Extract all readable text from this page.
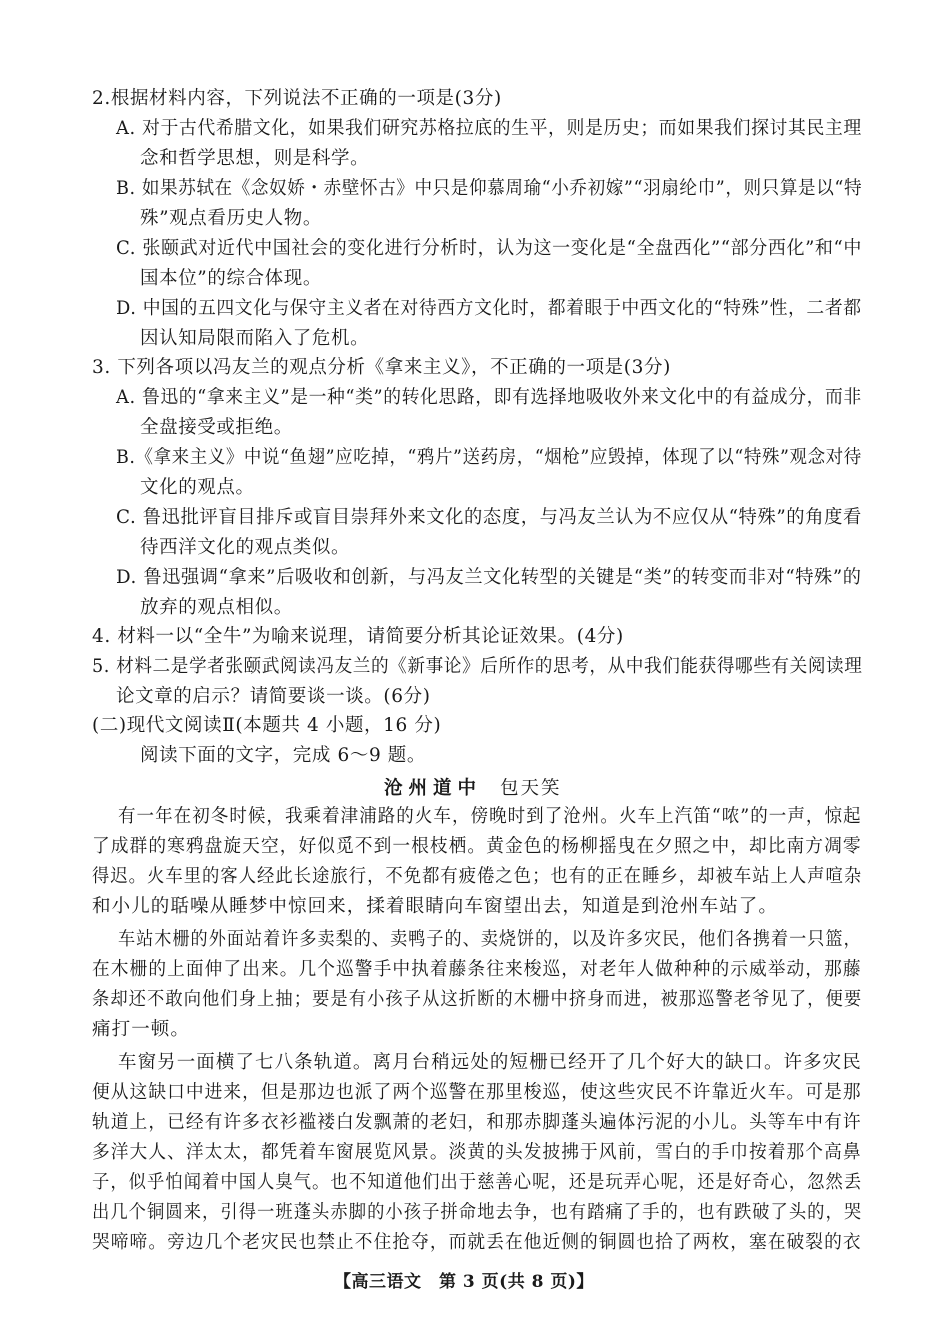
2.根据材料内容，下列说法不正确的一项是(3分)
A. 对于古代希腊文化，如果我们研究苏格拉底的生平，则是历史；而如果我们探讨其民主理
念和哲学思想，则是科学。
B. 如果苏轼在《念奴娇・赤壁怀古》中只是仰慕周瑜“小乔初嫁”“羽扇纶巾”，则只算是以“特
殊”观点看历史人物。
C. 张颐武对近代中国社会的变化进行分析时，认为这一变化是“全盘西化”“部分西化”和“中
国本位”的综合体现。
D. 中国的五四文化与保守主义者在对待西方文化时，都着眼于中西文化的“特殊”性，二者都
因认知局限而陷入了危机。
3. 下列各项以冯友兰的观点分析《拿来主义》，不正确的一项是(3分)
A. 鲁迅的“拿来主义”是一种“类”的转化思路，即有选择地吸收外来文化中的有益成分，而非
全盘接受或拒绝。
B.《拿来主义》中说“鱼翅”应吃掉，“鸦片”送药房，“烟枪”应毁掉，体现了以“特殊”观念对待
文化的观点。
C. 鲁迅批评盲目排斥或盲目崇拜外来文化的态度，与冯友兰认为不应仅从“特殊”的角度看
待西洋文化的观点类似。
D. 鲁迅强调“拿来”后吸收和创新，与冯友兰文化转型的关键是“类”的转变而非对“特殊”的
放弃的观点相似。
4. 材料一以“全牛”为喻来说理，请简要分析其论证效果。(4分)
5. 材料二是学者张颐武阅读冯友兰的《新事论》后所作的思考，从中我们能获得哪些有关阅读理
论文章的启示？请简要谈一谈。(6分)
(二)现代文阅读Ⅱ(本题共 4 小题，16 分)
阅读下面的文字，完成 6～9 题。
沧州道中 包天笑
有一年在初冬时候，我乘着津浦路的火车，傍晚时到了沧州。火车上汽笛“哝”的一声，惊起
了成群的寒鸦盘旋天空，好似觅不到一根枝栖。黄金色的杨柳摇曳在夕照之中，却比南方凋零
得迟。火车里的客人经此长途旅行，不免都有疲倦之色；也有的正在睡乡，却被车站上人声喧杂
和小儿的聒噪从睡梦中惊回来，揉着眼睛向车窗望出去，知道是到沧州车站了。
车站木栅的外面站着许多卖梨的、卖鸭子的、卖烧饼的，以及许多灾民，他们各携着一只篮，
在木栅的上面伸了出来。几个巡警手中执着藤条往来梭巡，对老年人做种种的示威举动，那藤
条却还不敢向他们身上抽；要是有小孩子从这折断的木栅中挤身而进，被那巡警老爷见了，便要
痛打一顿。
车窗另一面横了七八条轨道。离月台稍远处的短栅已经开了几个好大的缺口。许多灾民
便从这缺口中进来，但是那边也派了两个巡警在那里梭巡，使这些灾民不许靠近火车。可是那
轨道上，已经有许多衣衫褴褛白发飘萧的老妇，和那赤脚蓬头遍体污泥的小儿。头等车中有许
多洋大人、洋太太，都凭着车窗展览风景。淡黄的头发披拂于风前，雪白的手巾按着那个高鼻
子，似乎怕闻着中国人臭气。也不知道他们出于慈善心呢，还是玩弄心呢，还是好奇心，忽然丢
出几个铜圆来，引得一班蓬头赤脚的小孩子拼命地去争，也有踏痛了手的，也有跌破了头的，哭
哭啼啼。旁边几个老灾民也禁止不住抢夺，而就丢在他近侧的铜圆也拾了两枚，塞在破裂的衣
【高三语文　第 3 页(共 8 页)】
